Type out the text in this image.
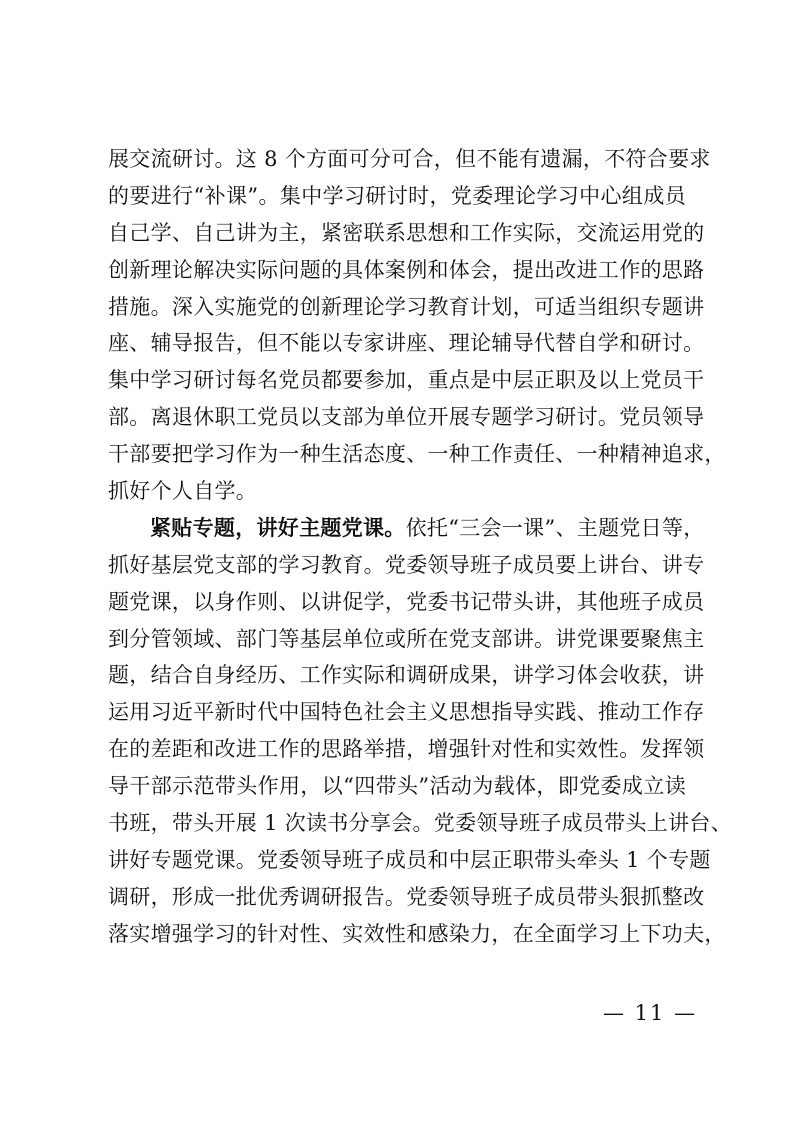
展交流研讨。这 8 个方面可分可合，但不能有遗漏，不符合要求
的要进行“补课”。集中学习研讨时，党委理论学习中心组成员
自己学、自己讲为主，紧密联系思想和工作实际，交流运用党的
创新理论解决实际问题的具体案例和体会，提出改进工作的思路
措施。深入实施党的创新理论学习教育计划，可适当组织专题讲
座、辅导报告，但不能以专家讲座、理论辅导代替自学和研讨。
集中学习研讨每名党员都要参加，重点是中层正职及以上党员干
部。离退休职工党员以支部为单位开展专题学习研讨。党员领导
干部要把学习作为一种生活态度、一种工作责任、一种精神追求，
抓好个人自学。
紧贴专题，讲好主题党课。依托“三会一课”、主题党日等，
抓好基层党支部的学习教育。党委领导班子成员要上讲台、讲专
题党课，以身作则、以讲促学，党委书记带头讲，其他班子成员
到分管领域、部门等基层单位或所在党支部讲。讲党课要聚焦主
题，结合自身经历、工作实际和调研成果，讲学习体会收获，讲
运用习近平新时代中国特色社会主义思想指导实践、推动工作存
在的差距和改进工作的思路举措，增强针对性和实效性。发挥领
导干部示范带头作用，以“四带头”活动为载体，即党委成立读
书班，带头开展 1 次读书分享会。党委领导班子成员带头上讲台、
讲好专题党课。党委领导班子成员和中层正职带头牵头 1 个专题
调研，形成一批优秀调研报告。党委领导班子成员带头狠抓整改
落实增强学习的针对性、实效性和感染力，在全面学习上下功夫，
— 11 —
